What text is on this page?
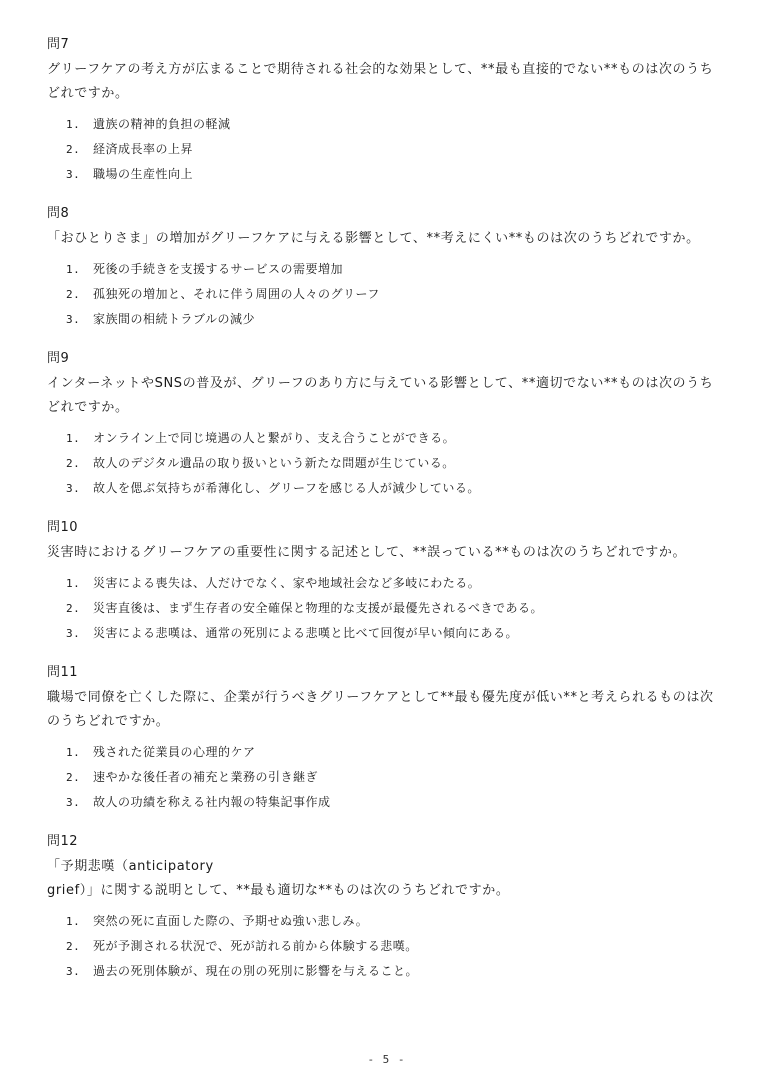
問7
グリーフケアの考え方が広まることで期待される社会的な効果として、**最も直接的でない**ものは次のうちどれですか。
1.	遺族の精神的負担の軽減
2.	経済成長率の上昇
3.	職場の生産性向上
問8
「おひとりさま」の増加がグリーフケアに与える影響として、**考えにくい**ものは次のうちどれですか。
1.	死後の手続きを支援するサービスの需要増加
2.	孤独死の増加と、それに伴う周囲の人々のグリーフ
3.	家族間の相続トラブルの減少
問9
インターネットやSNSの普及が、グリーフのあり方に与えている影響として、**適切でない**ものは次のうちどれですか。
1.	オンライン上で同じ境遇の人と繋がり、支え合うことができる。
2.	故人のデジタル遺品の取り扱いという新たな問題が生じている。
3.	故人を偲ぶ気持ちが希薄化し、グリーフを感じる人が減少している。
問10
災害時におけるグリーフケアの重要性に関する記述として、**誤っている**ものは次のうちどれですか。
1.	災害による喪失は、人だけでなく、家や地域社会など多岐にわたる。
2.	災害直後は、まず生存者の安全確保と物理的な支援が最優先されるべきである。
3.	災害による悲嘆は、通常の死別による悲嘆と比べて回復が早い傾向にある。
問11
職場で同僚を亡くした際に、企業が行うべきグリーフケアとして**最も優先度が低い**と考えられるものは次のうちどれですか。
1.	残された従業員の心理的ケア
2.	速やかな後任者の補充と業務の引き継ぎ
3.	故人の功績を称える社内報の特集記事作成
問12
「予期悲嘆（anticipatory
grief）」に関する説明として、**最も適切な**ものは次のうちどれですか。
1.	突然の死に直面した際の、予期せぬ強い悲しみ。
2.	死が予測される状況で、死が訪れる前から体験する悲嘆。
3.	過去の死別体験が、現在の別の死別に影響を与えること。
- 5 -
